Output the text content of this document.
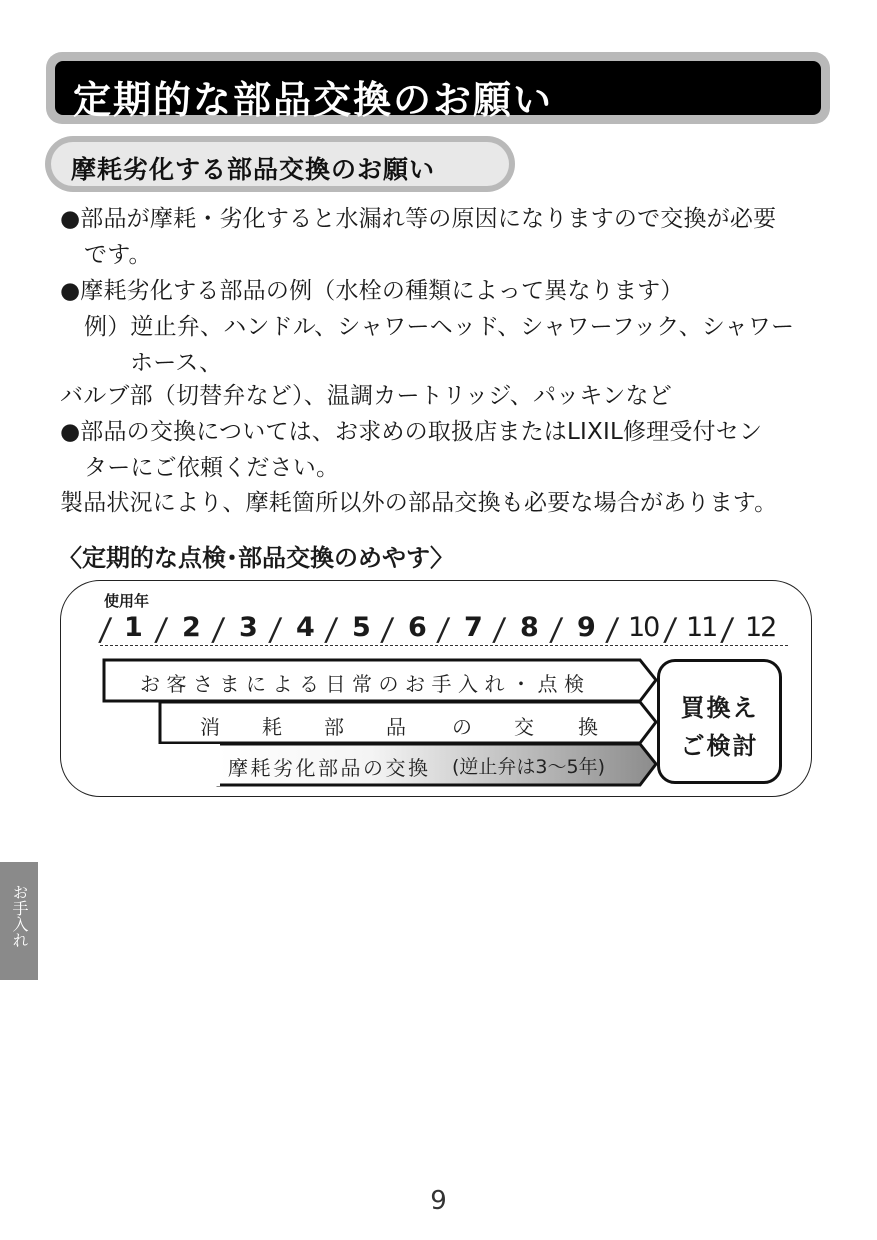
定期的な部品交換のお願い
摩耗劣化する部品交換のお願い
●部品が摩耗・劣化すると水漏れ等の原因になりますので交換が必要
です。
●摩耗劣化する部品の例（水栓の種類によって異なります）
例）逆止弁、ハンドル、シャワーヘッド、シャワーフック、シャワー
ホース、
バルブ部（切替弁など）、温調カートリッジ、パッキンなど
●部品の交換については、お求めの取扱店またはLIXIL修理受付セン
ターにご依頼ください。
製品状況により、摩耗箇所以外の部品交換も必要な場合があります。
〈定期的な点検･部品交換のめやす〉
使用年
/ 1 / 2 / 3 / 4 / 5 / 6 / 7 / 8 / 9 / 10 / 11 / 12
お客さまによる日常のお手入れ・点検
消 耗 部 品 の 交 換
摩耗劣化部品の交換 (逆止弁は3〜5年)
買換え
ご検討
お手入れ
9
